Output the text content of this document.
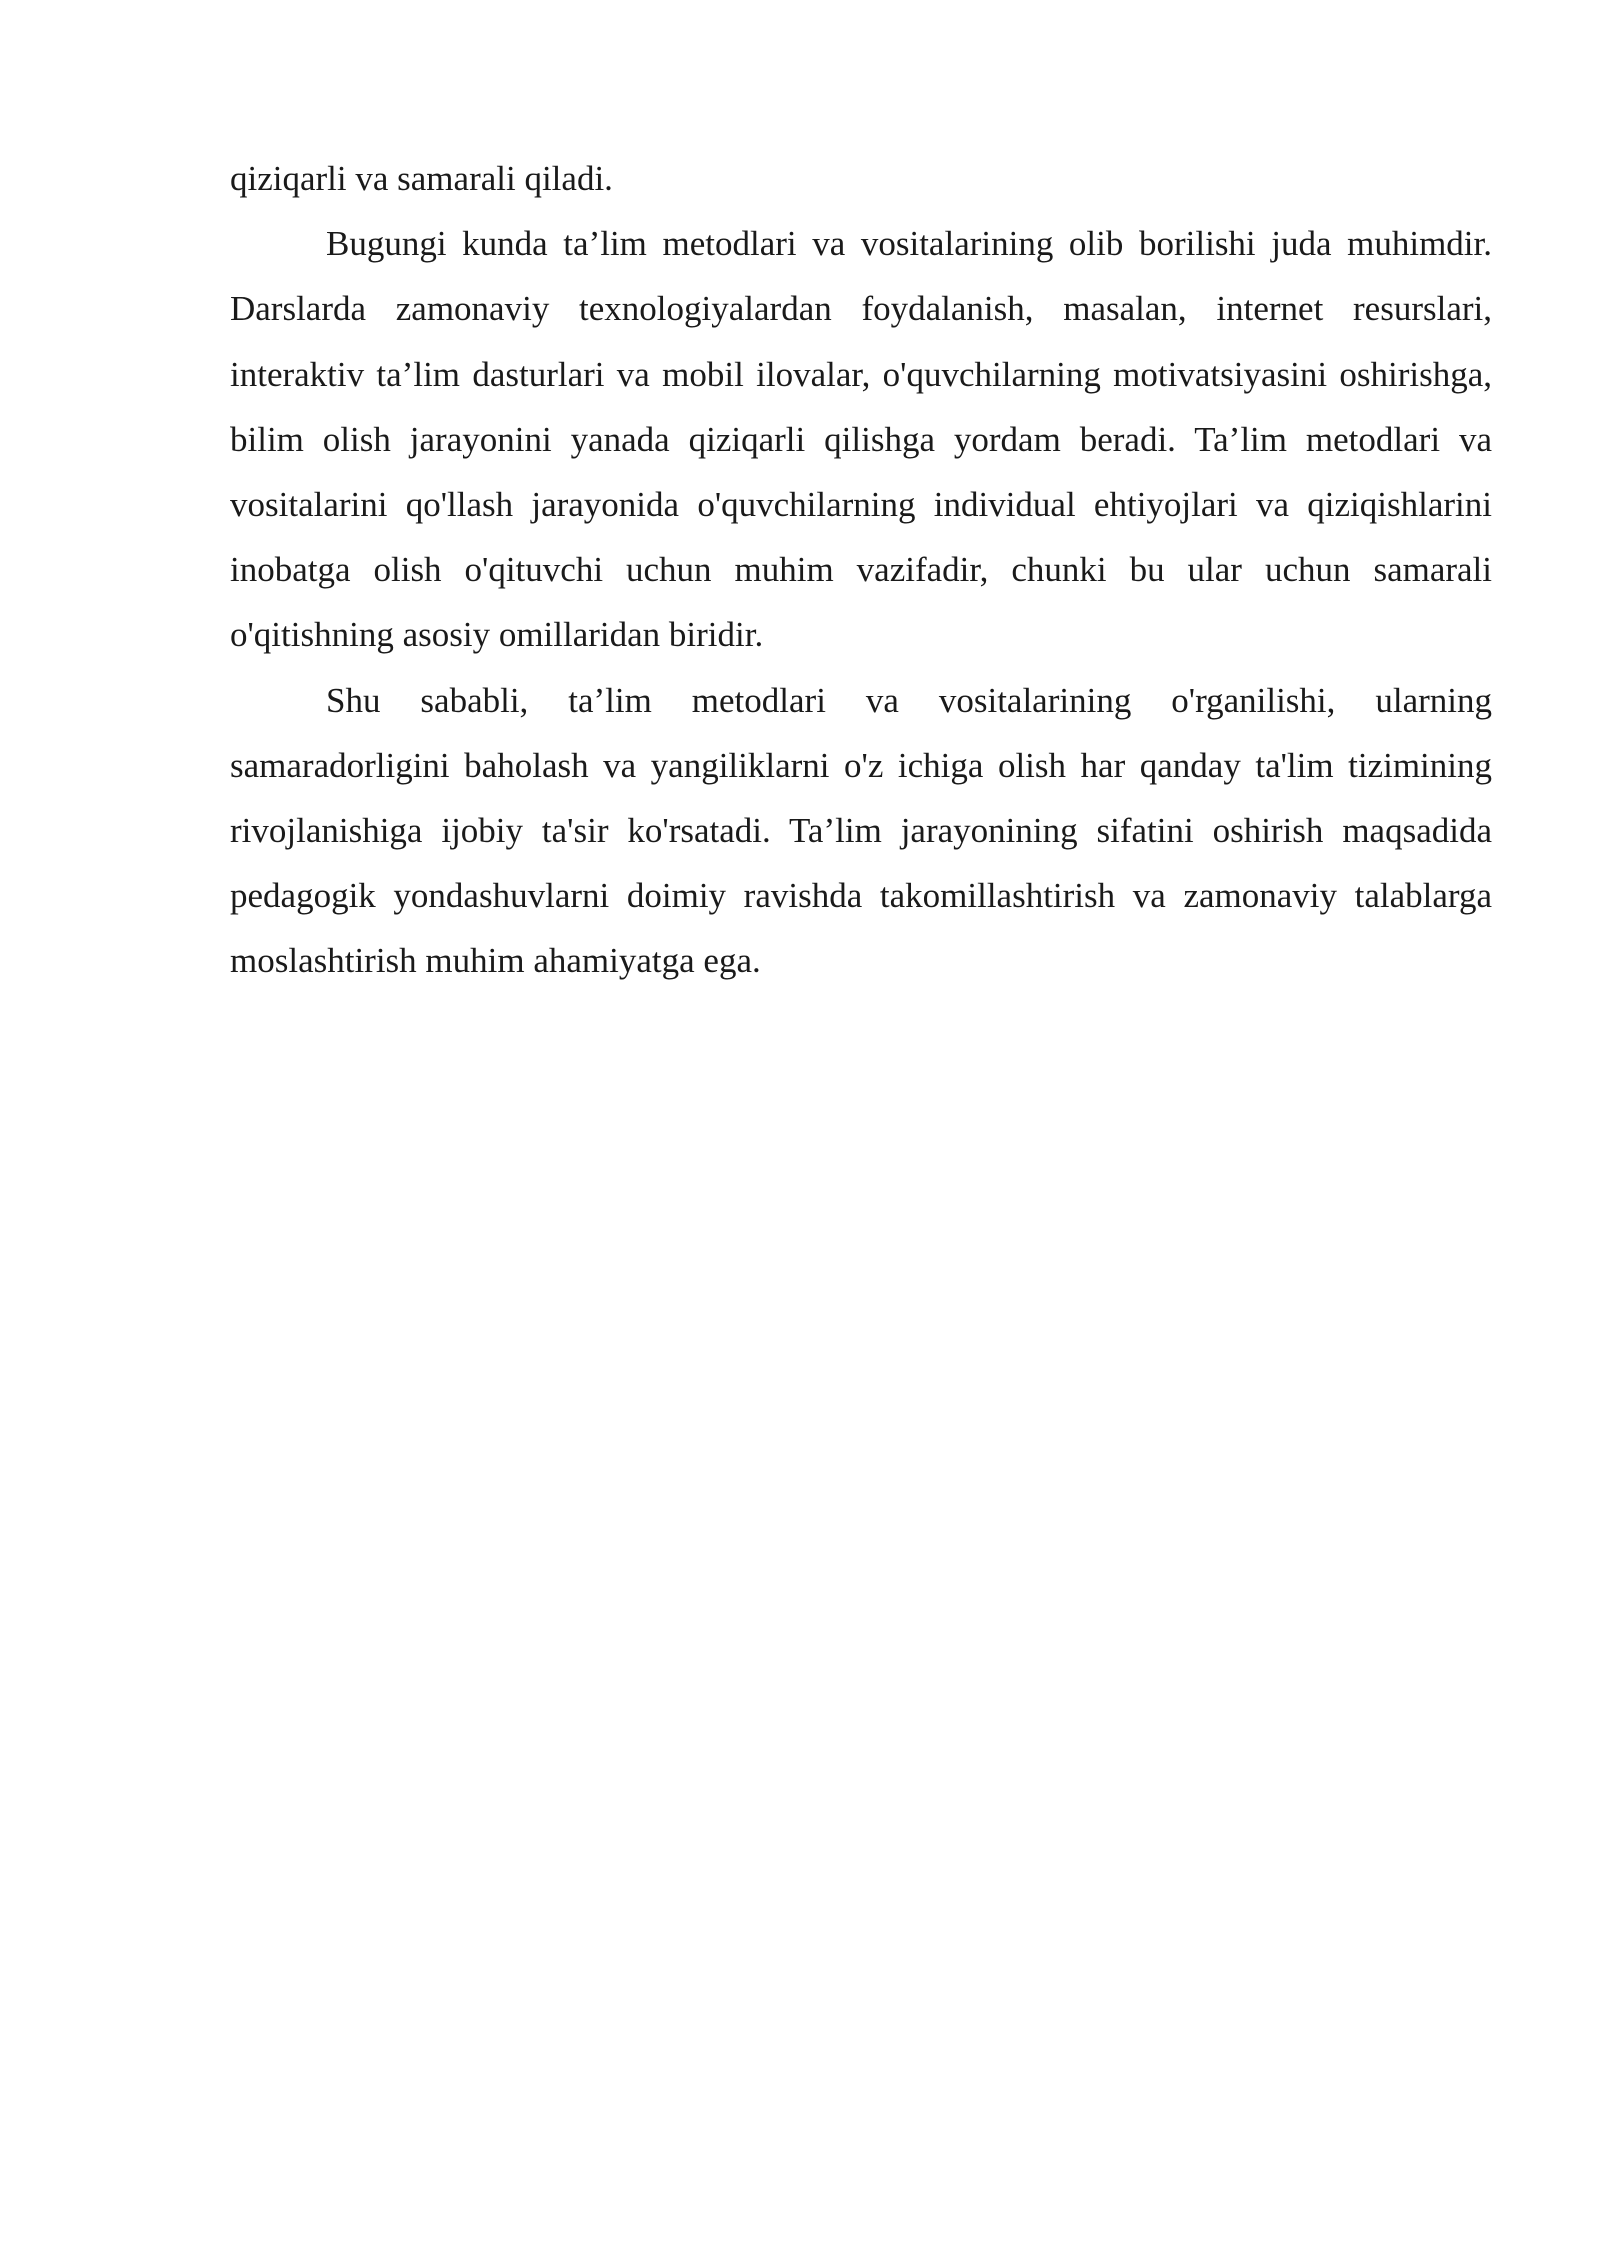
qiziqarli va samarali qiladi.

Bugungi kunda ta’lim metodlari va vositalarining olib borilishi juda muhimdir. Darslarda zamonaviy texnologiyalardan foydalanish, masalan, internet resurslari, interaktiv ta’lim dasturlari va mobil ilovalar, o'quvchilarning motivatsiyasini oshirishga, bilim olish jarayonini yanada qiziqarli qilishga yordam beradi. Ta’lim metodlari va vositalarini qo'llash jarayonida o'quvchilarning individual ehtiyojlari va qiziqishlarini inobatga olish o'qituvchi uchun muhim vazifadir, chunki bu ular uchun samarali o'qitishning asosiy omillaridan biridir.

Shu sababli, ta’lim metodlari va vositalarining o'rganilishi, ularning samaradorligini baholash va yangiliklarni o'z ichiga olish har qanday ta'lim tizimining rivojlanishiga ijobiy ta'sir ko'rsatadi. Ta’lim jarayonining sifatini oshirish maqsadida pedagogik yondashuvlarni doimiy ravishda takomillashtirish va zamonaviy talablarga moslashtirish muhim ahamiyatga ega.
